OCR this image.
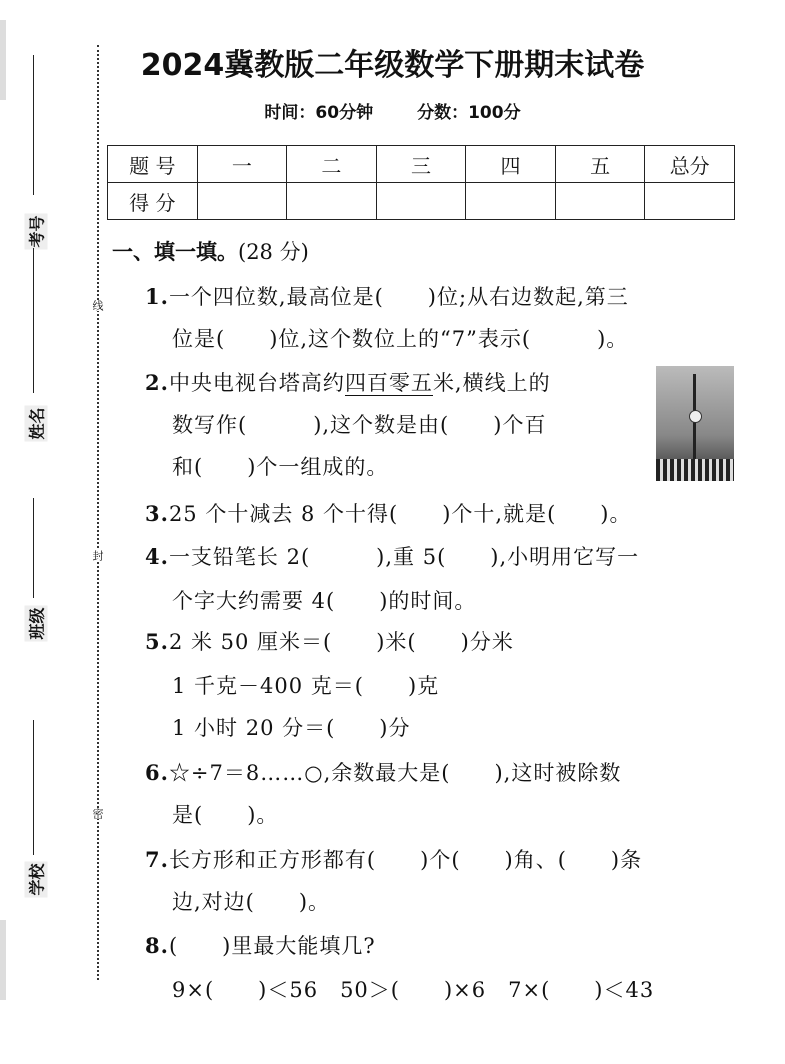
线
封
密
考号
姓名
班级
学校
2024冀教版二年级数学下册期末试卷
时间：60分钟	分数：100分
题 号	一	二	三	四	五	总分
得 分						
一、填一填。(28 分)
1.一个四位数,最高位是(　　)位;从右边数起,第三
位是(　　)位,这个数位上的“7”表示(　　　)。
2.中央电视台塔高约四百零五米,横线上的
数写作(　　　),这个数是由(　　)个百
和(　　)个一组成的。
3.25 个十减去 8 个十得(　　)个十,就是(　　)。
4.一支铅笔长 2(　　　),重 5(　　),小明用它写一
个字大约需要 4(　　)的时间。
5.2 米 50 厘米＝(　　)米(　　)分米
1 千克－400 克＝(　　)克
1 小时 20 分＝(　　)分
6.☆÷7＝8……○,余数最大是(　　),这时被除数
是(　　)。
7.长方形和正方形都有(　　)个(　　)角、(　　)条
边,对边(　　)。
8.(　　)里最大能填几?
9×(　　)＜56　50＞(　　)×6　7×(　　)＜43
